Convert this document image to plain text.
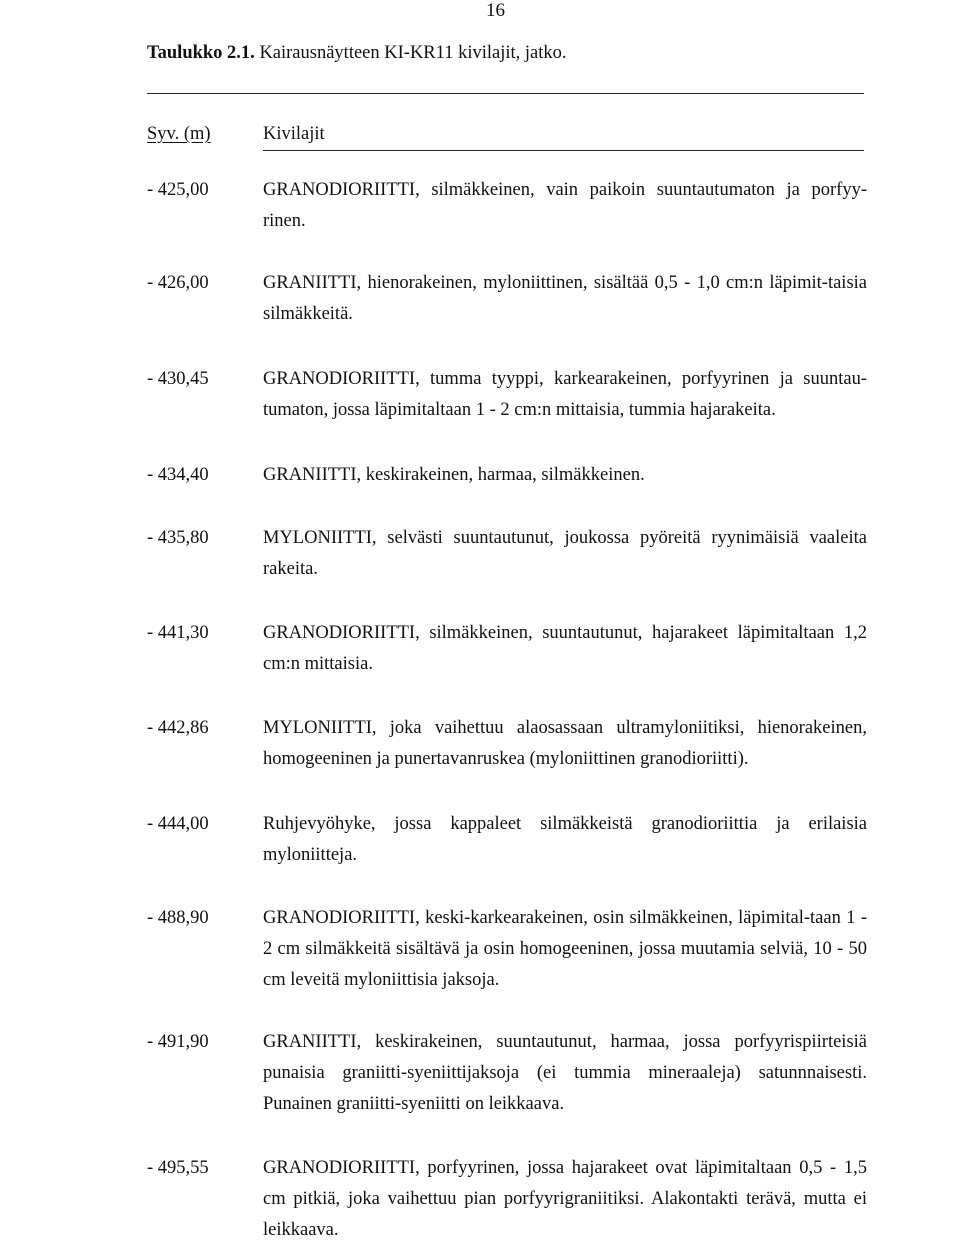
16
Taulukko 2.1. Kairausnäytteen KI-KR11 kivilajit, jatko.
Syv. (m)	Kivilajit
- 425,00	GRANODIORIITTI, silmäkkeinen, vain paikoin suuntautumaton ja porfyy-rinen.
- 426,00	GRANIITTI, hienorakeinen, myloniittinen, sisältää 0,5 - 1,0 cm:n läpimit-taisia silmäkkeitä.
- 430,45	GRANODIORIITTI, tumma tyyppi, karkearakeinen, porfyyrinen ja suuntau-tumaton, jossa läpimitaltaan 1 - 2 cm:n mittaisia, tummia hajarakeita.
- 434,40	GRANIITTI, keskirakeinen, harmaa, silmäkkeinen.
- 435,80	MYLONIITTI, selvästi suuntautunut, joukossa pyöreitä ryynimäisiä vaaleita rakeita.
- 441,30	GRANODIORIITTI, silmäkkeinen, suuntautunut, hajarakeet läpimitaltaan 1,2 cm:n mittaisia.
- 442,86	MYLONIITTI, joka vaihettuu alaosassaan ultramyloniitiksi, hienorakeinen, homogeeninen ja punertavanruskea (myloniittinen granodioriitti).
- 444,00	Ruhjevyöhyke, jossa kappaleet silmäkkeistä granodioriittia ja erilaisia myloniitteja.
- 488,90	GRANODIORIITTI, keski-karkearakeinen, osin silmäkkeinen, läpimital-taan 1 - 2 cm silmäkkeitä sisältävä ja osin homogeeninen, jossa muutamia selviä, 10 - 50 cm leveitä myloniittisia jaksoja.
- 491,90	GRANIITTI, keskirakeinen, suuntautunut, harmaa, jossa porfyyrispiirteisiä punaisia graniitti-syeniittijaksoja (ei tummia mineraaleja) satunnnaisesti. Punainen graniitti-syeniitti on leikkaava.
- 495,55	GRANODIORIITTI, porfyyrinen, jossa hajarakeet ovat läpimitaltaan 0,5 - 1,5 cm pitkiä, joka vaihettuu pian porfyyrigraniitiksi. Alakontakti terävä, mutta ei leikkaava.
